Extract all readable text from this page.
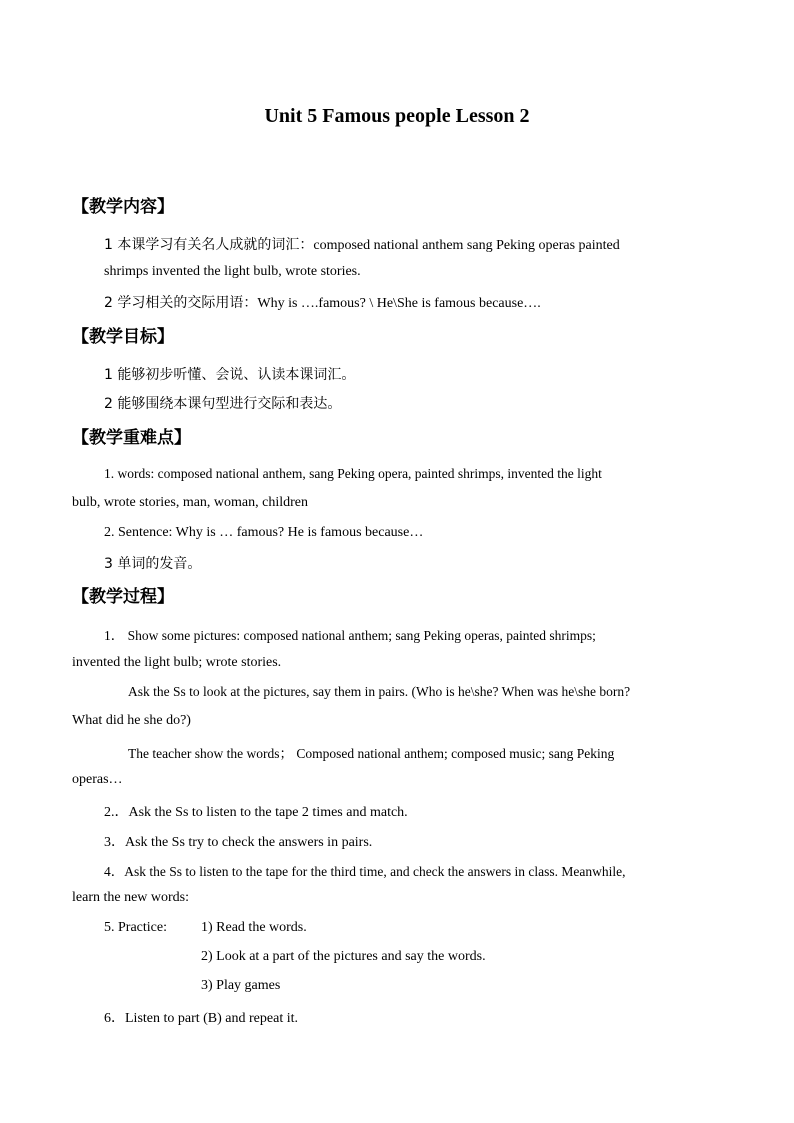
Unit 5 Famous people Lesson 2
【教学内容】
1 本课学习有关名人成就的词汇：composed national anthem sang Peking operas painted
shrimps invented the light bulb, wrote stories.
2 学习相关的交际用语：Why is ….famous? \ He\She is famous because….
【教学目标】
1 能够初步听懂、会说、认读本课词汇。
2 能够围绕本课句型进行交际和表达。
【教学重难点】
1. words: composed national anthem, sang Peking opera, painted shrimps, invented the light
bulb, wrote stories, man, woman, children
2. Sentence: Why is … famous? He is famous because…
3 单词的发音。
【教学过程】
1． Show some pictures: composed national anthem; sang Peking operas, painted shrimps;
invented the light bulb; wrote stories.
Ask the Ss to look at the pictures, say them in pairs. (Who is he\she? When was he\she born?
What did he she do?)
The teacher show the words； Composed national anthem; composed music; sang Peking
operas…
2.．Ask the Ss to listen to the tape 2 times and match.
3．Ask the Ss try to check the answers in pairs.
4．Ask the Ss to listen to the tape for the third time, and check the answers in class. Meanwhile,
learn the new words:
5. Practice: 1) Read the words.
2) Look at a part of the pictures and say the words.
3) Play games
6．Listen to part (B) and repeat it.
